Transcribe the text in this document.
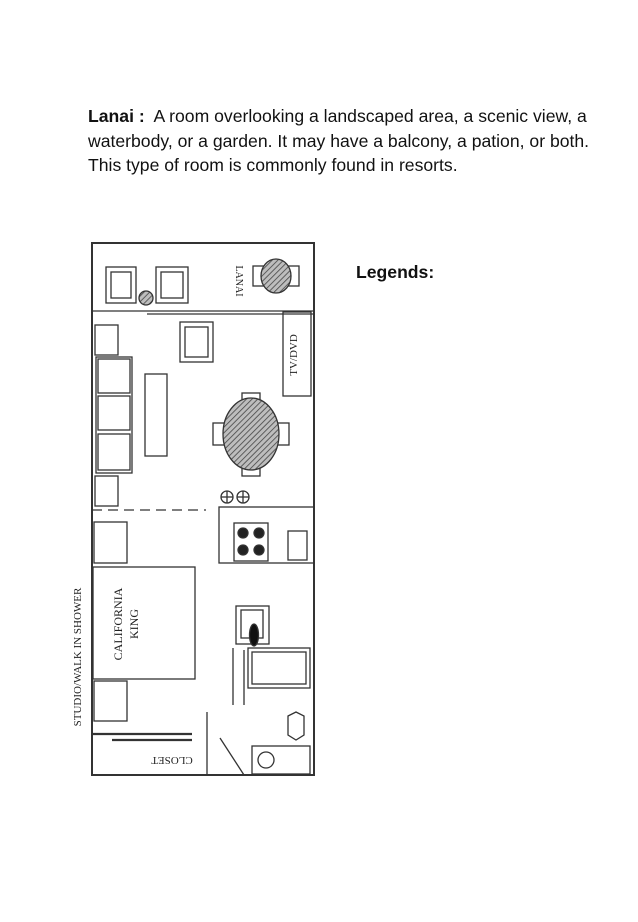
Lanai : A room overlooking a landscaped area, a scenic view, a waterbody, or a garden. It may have a balcony, a pation, or both. This type of room is commonly found in resorts.

Legends:

LANAI
TV/DVD
CALIFORNIA KING
STUDIO/WALK IN SHOWER
CLOSET
